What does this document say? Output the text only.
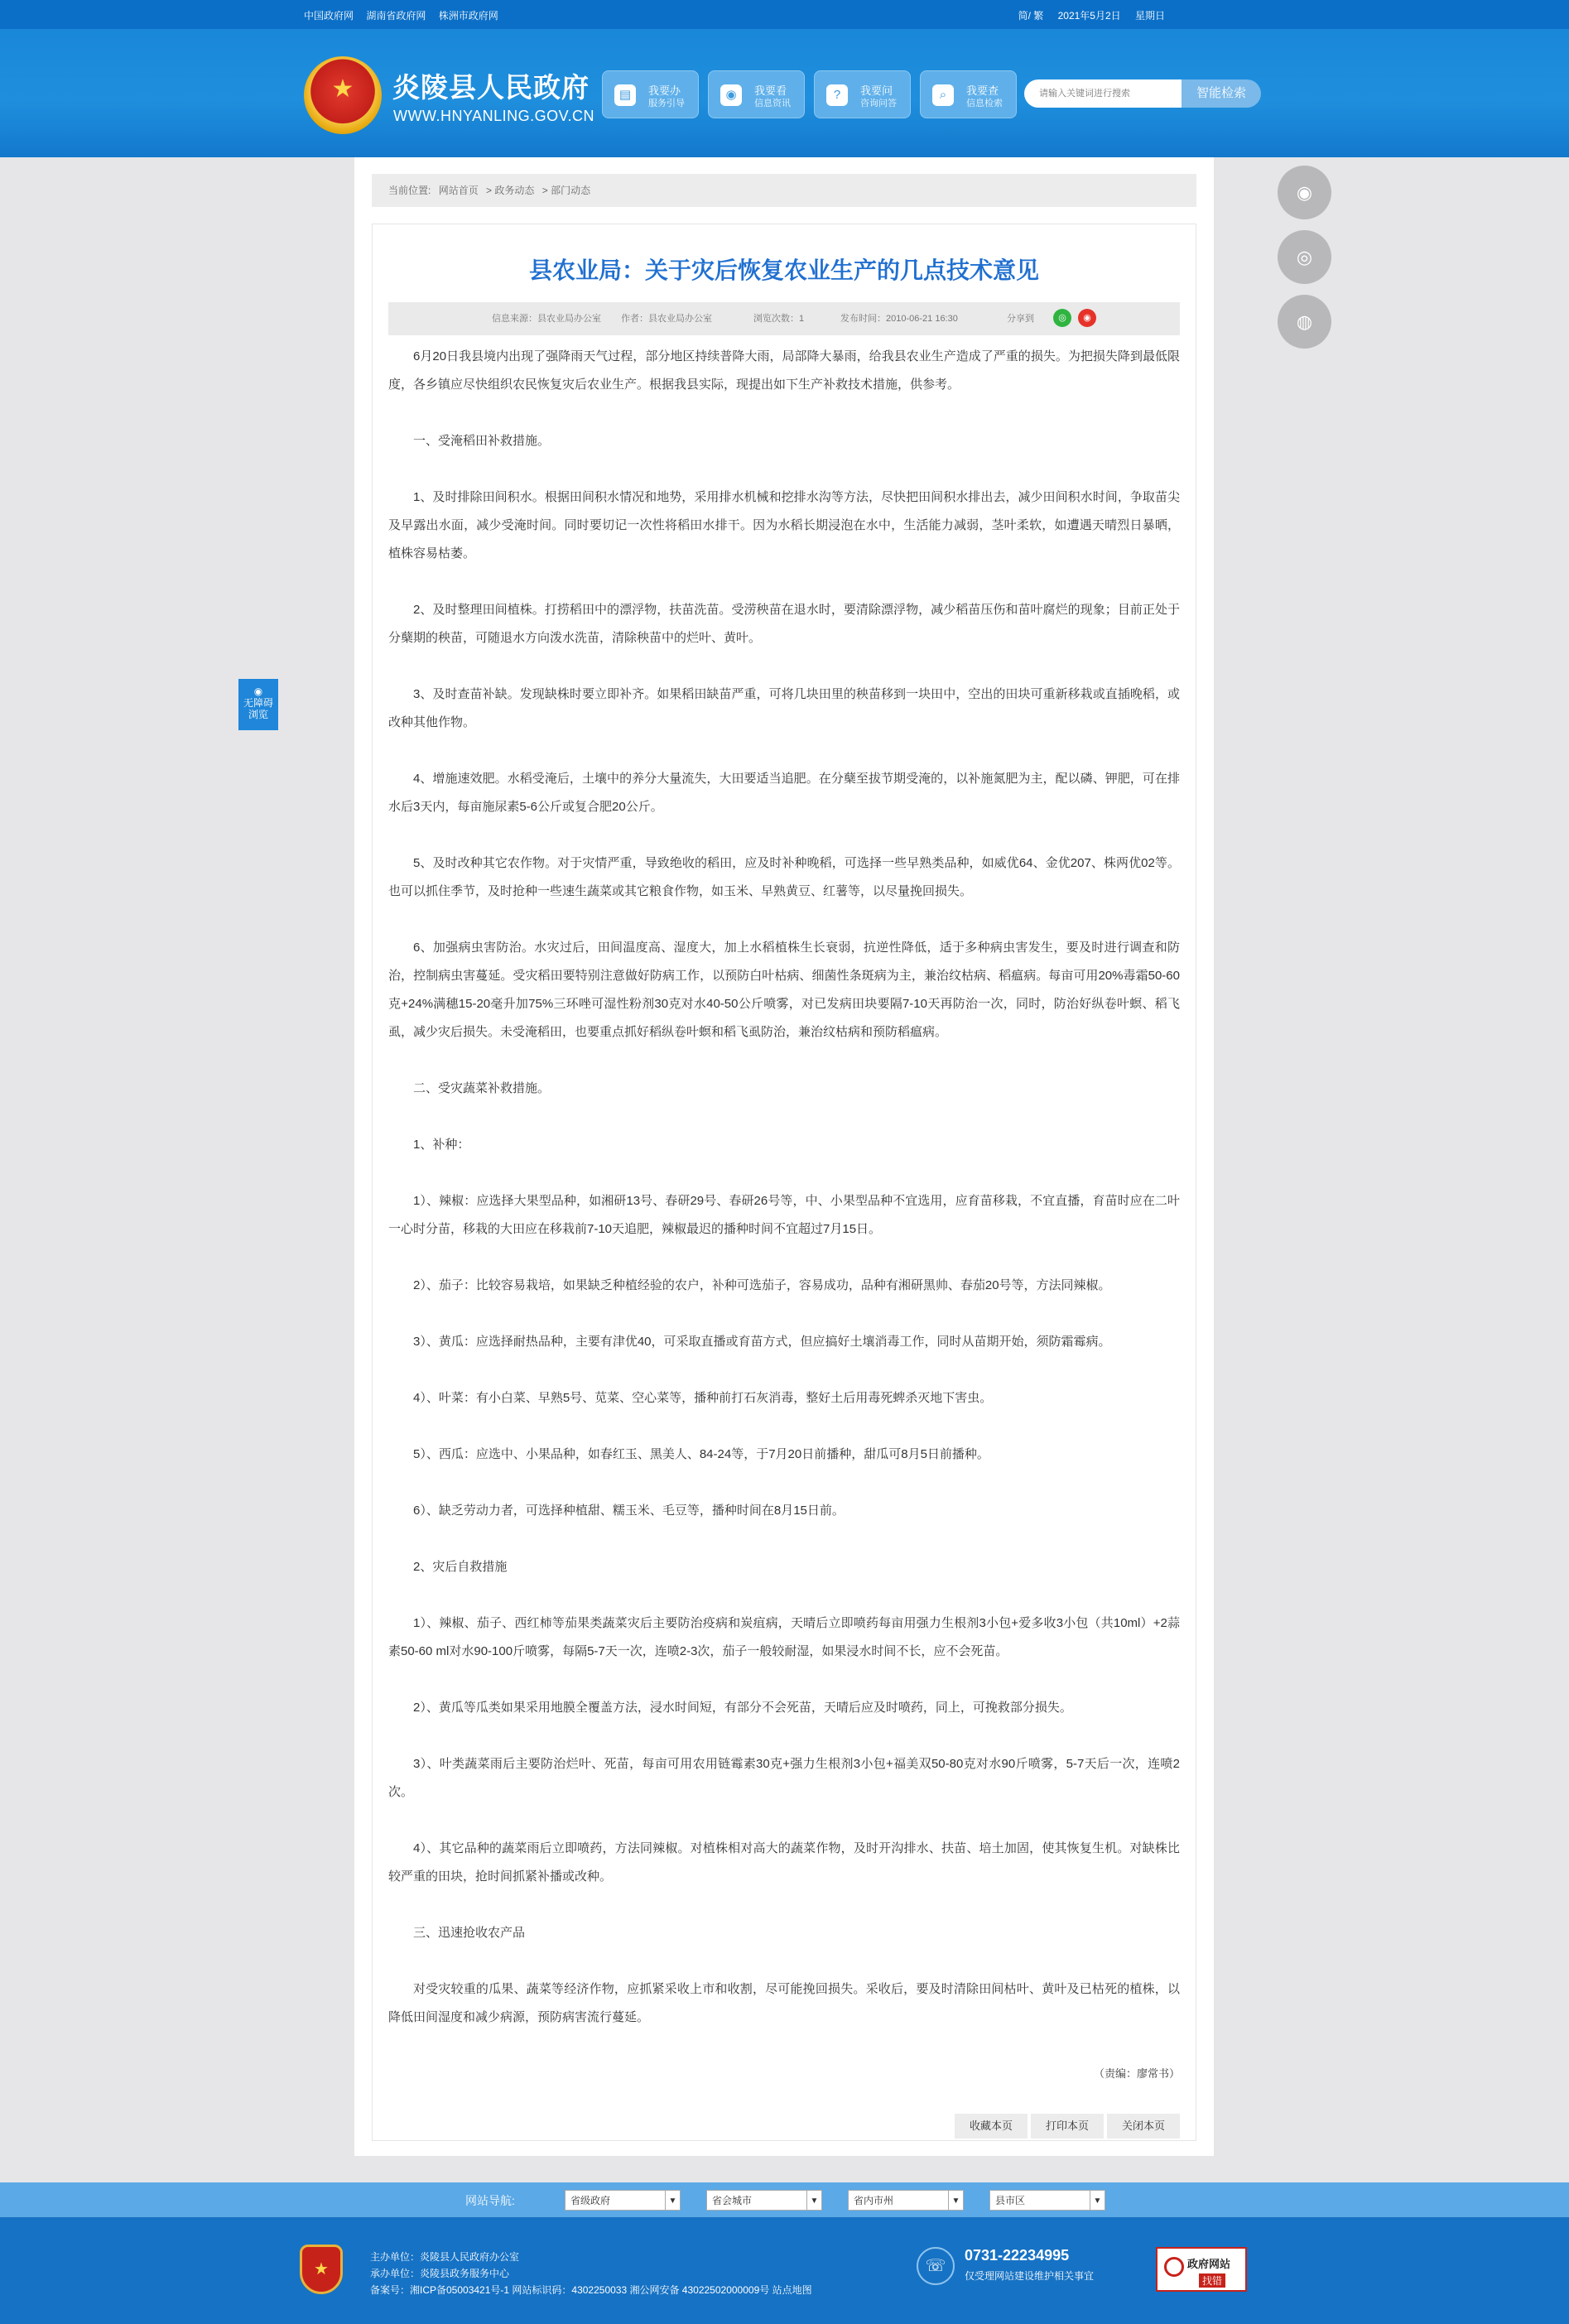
中国政府网 湖南省政府网 株洲市政府网	简/ 繁 2021年5月2日 星期日
★	炎陵县人民政府
WWW.HNYANLING.GOV.CN
▤	我要办
服务引导
◉	我要看
信息资讯
?	我要问
咨询问答
⌕	我要查
信息检索
请输入关键词进行搜索
智能检索
当前位置: 网站首页 > 政务动态 > 部门动态
县农业局：关于灾后恢复农业生产的几点技术意见
信息来源：县农业局办公室 作者：县农业局办公室	浏览次数：1	发布时间：2010-06-21 16:30	分享到	◎	◉

6月20日我县境内出现了强降雨天气过程，部分地区持续普降大雨，局部降大暴雨，给我县农业生产造成了严重的损失。为把损失降到最低限度，各乡镇应尽快组织农民恢复灾后农业生产。根据我县实际，现提出如下生产补救技术措施，供参考。

一、受淹稻田补救措施。

1、及时排除田间积水。根据田间积水情况和地势，采用排水机械和挖排水沟等方法，尽快把田间积水排出去，减少田间积水时间，争取苗尖及早露出水面，减少受淹时间。同时要切记一次性将稻田水排干。因为水稻长期浸泡在水中，生活能力减弱，茎叶柔软，如遭遇天晴烈日暴晒，植株容易枯萎。

2、及时整理田间植株。打捞稻田中的漂浮物，扶苗洗苗。受涝秧苗在退水时，要清除漂浮物，减少稻苗压伤和苗叶腐烂的现象；目前正处于分蘖期的秧苗，可随退水方向泼水洗苗，清除秧苗中的烂叶、黄叶。

3、及时查苗补缺。发现缺株时要立即补齐。如果稻田缺苗严重，可将几块田里的秧苗移到一块田中，空出的田块可重新移栽或直插晚稻，或改种其他作物。

4、增施速效肥。水稻受淹后，土壤中的养分大量流失，大田要适当追肥。在分蘖至拔节期受淹的，以补施氮肥为主，配以磷、钾肥，可在排水后3天内，每亩施尿素5-6公斤或复合肥20公斤。

5、及时改种其它农作物。对于灾情严重，导致绝收的稻田，应及时补种晚稻，可选择一些早熟类品种，如威优64、金优207、株两优02等。也可以抓住季节，及时抢种一些速生蔬菜或其它粮食作物，如玉米、早熟黄豆、红薯等，以尽量挽回损失。

6、加强病虫害防治。水灾过后，田间温度高、湿度大，加上水稻植株生长衰弱，抗逆性降低，适于多种病虫害发生，要及时进行调查和防治，控制病虫害蔓延。受灾稻田要特别注意做好防病工作，以预防白叶枯病、细菌性条斑病为主，兼治纹枯病、稻瘟病。每亩可用20%毒霜50-60克+24%满穗15-20毫升加75%三环唑可湿性粉剂30克对水40-50公斤喷雾，对已发病田块要隔7-10天再防治一次，同时，防治好纵卷叶螟、稻飞虱，减少灾后损失。未受淹稻田，也要重点抓好稻纵卷叶螟和稻飞虱防治，兼治纹枯病和预防稻瘟病。

二、受灾蔬菜补救措施。

1、补种：

1）、辣椒：应选择大果型品种，如湘研13号、春研29号、春研26号等，中、小果型品种不宜选用，应育苗移栽，不宜直播，育苗时应在二叶一心时分苗，移栽的大田应在移栽前7-10天追肥，辣椒最迟的播种时间不宜超过7月15日。

2）、茄子：比较容易栽培，如果缺乏种植经验的农户，补种可选茄子，容易成功，品种有湘研黑帅、春茄20号等，方法同辣椒。

3）、黄瓜：应选择耐热品种，主要有津优40，可采取直播或育苗方式，但应搞好土壤消毒工作，同时从苗期开始，须防霜霉病。

4）、叶菜：有小白菜、早熟5号、苋菜、空心菜等，播种前打石灰消毒，整好土后用毒死蜱杀灭地下害虫。

5）、西瓜：应选中、小果品种，如春红玉、黑美人、84-24等，于7月20日前播种，甜瓜可8月5日前播种。

6）、缺乏劳动力者，可选择种植甜、糯玉米、毛豆等，播种时间在8月15日前。

2、灾后自救措施

1）、辣椒、茄子、西红柿等茄果类蔬菜灾后主要防治疫病和炭疽病，天晴后立即喷药每亩用强力生根剂3小包+爱多收3小包（共10ml）+2蒜素50-60 ml对水90-100斤喷雾，每隔5-7天一次，连喷2-3次，茄子一般较耐湿，如果浸水时间不长，应不会死苗。

2）、黄瓜等瓜类如果采用地膜全覆盖方法，浸水时间短，有部分不会死苗，天晴后应及时喷药，同上，可挽救部分损失。

3）、叶类蔬菜雨后主要防治烂叶、死苗，每亩可用农用链霉素30克+强力生根剂3小包+福美双50-80克对水90斤喷雾，5-7天后一次，连喷2次。

4）、其它品种的蔬菜雨后立即喷药，方法同辣椒。对植株相对高大的蔬菜作物，及时开沟排水、扶苗、培土加固，使其恢复生机。对缺株比较严重的田块，抢时间抓紧补播或改种。

三、迅速抢收农产品

对受灾较重的瓜果、蔬菜等经济作物，应抓紧采收上市和收割，尽可能挽回损失。采收后，要及时清除田间枯叶、黄叶及已枯死的植株，以降低田间湿度和减少病源，预防病害流行蔓延。

（责编：廖常书）

收藏本页	打印本页	关闭本页
◉
◎
◍
◉
无障碍
浏览
网站导航:	省级政府	▼	省会城市	▼	省内市州	▼	县市区	▼
★
主办单位：炎陵县人民政府办公室
承办单位：炎陵县政务服务中心
备案号：湘ICP备05003421号-1 网站标识码：4302250033 湘公网安备 43022502000009号 站点地图
☏
0731-22234995
仅受理网站建设维护相关事宜
政府网站
找错
